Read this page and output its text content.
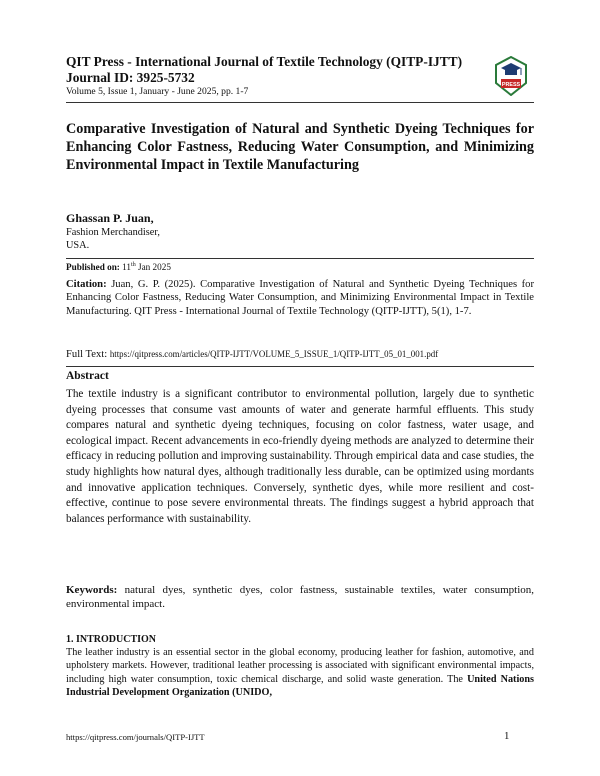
QIT Press - International Journal of Textile Technology (QITP-IJTT)
Journal ID: 3925-5732
Volume 5, Issue 1, January - June 2025, pp. 1-7
PRESS

Comparative Investigation of Natural and Synthetic Dyeing Techniques for Enhancing Color Fastness, Reducing Water Consumption, and Minimizing Environmental Impact in Textile Manufacturing

Ghassan P. Juan,
Fashion Merchandiser,
USA.
Published on: 11th Jan 2025

Citation: Juan, G. P. (2025). Comparative Investigation of Natural and Synthetic Dyeing Techniques for Enhancing Color Fastness, Reducing Water Consumption, and Minimizing Environmental Impact in Textile Manufacturing. QIT Press - International Journal of Textile Technology (QITP-IJTT), 5(1), 1-7.

Full Text: https://qitpress.com/articles/QITP-IJTT/VOLUME_5_ISSUE_1/QITP-IJTT_05_01_001.pdf
Abstract

The textile industry is a significant contributor to environmental pollution, largely due to synthetic dyeing processes that consume vast amounts of water and generate harmful effluents. This study compares natural and synthetic dyeing techniques, focusing on color fastness, water usage, and ecological impact. Recent advancements in eco-friendly dyeing methods are analyzed to determine their efficacy in reducing pollution and improving sustainability. Through empirical data and case studies, the study highlights how natural dyes, although traditionally less durable, can be optimized using mordants and innovative application techniques. Conversely, synthetic dyes, while more resilient and cost-effective, continue to pose severe environmental threats. The findings suggest a hybrid approach that balances performance with sustainability.

Keywords: natural dyes, synthetic dyes, color fastness, sustainable textiles, water consumption, environmental impact.

1. INTRODUCTION

The leather industry is an essential sector in the global economy, producing leather for fashion, automotive, and upholstery markets. However, traditional leather processing is associated with significant environmental impacts, including high water consumption, toxic chemical discharge, and solid waste generation. The United Nations Industrial Development Organization (UNIDO,

https://qitpress.com/journals/QITP-IJTT	1
